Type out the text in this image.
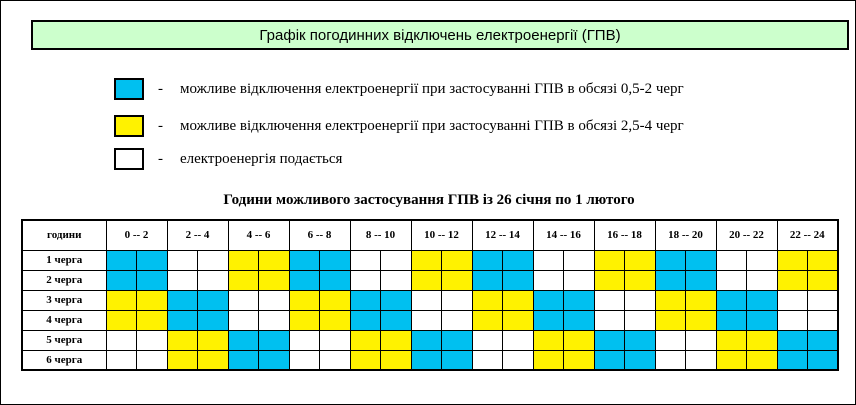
Графік погодинних відключень електроенергії (ГПВ)
-	можливе відключення електроенергії при застосуванні ГПВ в обсязі 0,5-2 черг
-	можливе відключення електроенергії при застосуванні ГПВ в обсязі 2,5-4 черг
-	електроенергія подається
Години можливого застосування ГПВ із 26 січня по 1 лютого
години	0 -- 2		2 -- 4		4 -- 6		6 -- 8		8 -- 10		10 -- 12		12 -- 14		14 -- 16		16 -- 18		18 -- 20		20 -- 22		22 -- 24	
1 черга																								
2 черга																								
3 черга																								
4 черга																								
5 черга																								
6 черга																								
